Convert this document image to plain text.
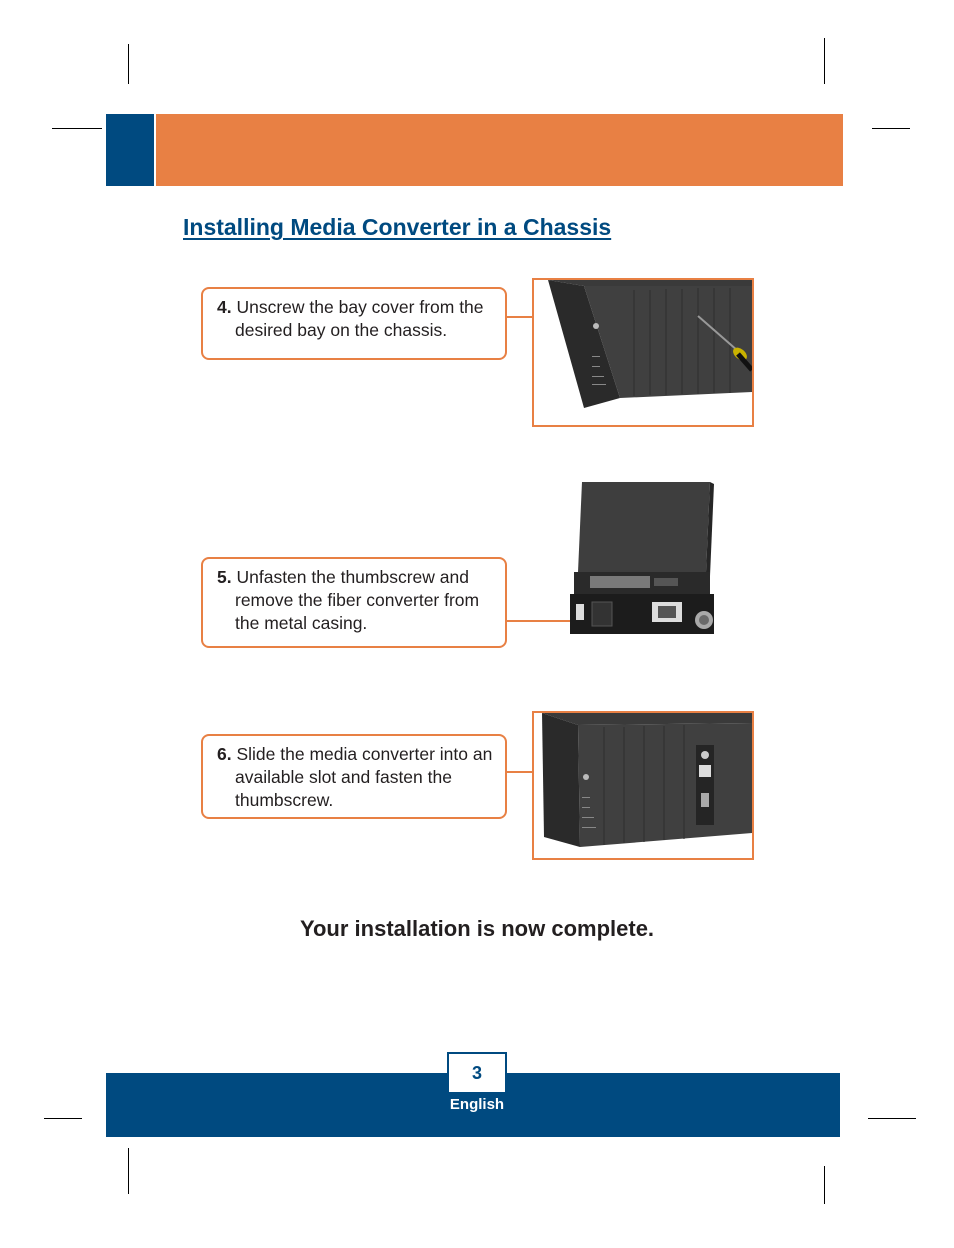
Installing Media Converter in a Chassis
4. Unscrew the bay cover from the desired bay on the chassis.
5. Unfasten the thumbscrew and remove the fiber converter from the metal casing.
6. Slide the media converter into an available slot and fasten the thumbscrew.
Your installation is now complete.
3
English
